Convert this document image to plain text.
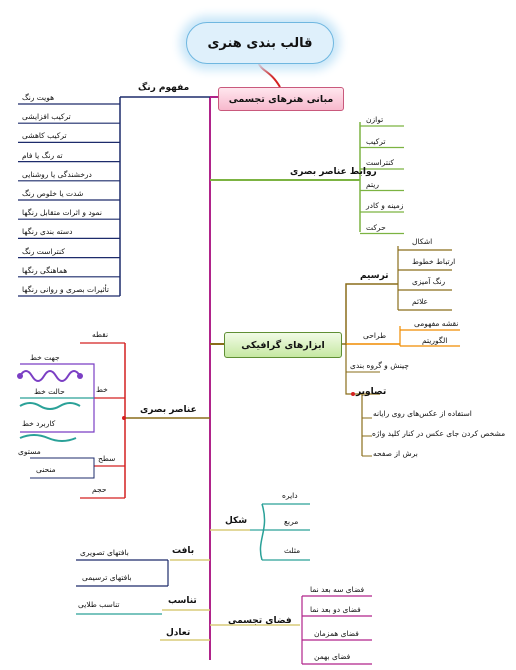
قالب بندی هنری
مبانی هنرهای تجسمی
ابزارهای گرافیکی
مفهوم رنگ
هویت رنگ
ترکیب افزایشی
ترکیب کاهشی
ته رنگ یا فام
درخشندگی یا روشنایی
شدت یا خلوص رنگ
نمود و اثرات متقابل رنگها
دسته بندی رنگها
کنتراست رنگ
هماهنگی رنگها
تأثیرات بصری و روانی رنگها
روابط عناصر بصری
توازن
ترکیب
کنتراست
ریتم
زمینه و کادر
حرکت
ترسیم
اشکال
ارتباط خطوط
رنگ آمیزی
علائم
طراحی
نقشه مفهومی
الگوریتم
چینش و گروه بندی
تصاویر
استفاده از عکس‌های روی رایانه
مشخص کردن جای عکس در کنار کلید واژه
برش از صفحه
عناصر بصری
نقطه
خط
جهت خط
حالت خط
کاربرد خط
سطح
مستوی
منحنی
حجم
شکل
دایره
مربع
مثلث
بافت
بافتهای تصویری
بافتهای ترسیمی
تناسب
تناسب طلایی
تعادل
فضای تجسمی
فضای سه بعد نما
فضای دو بعد نما
فضای همزمان
فضای بهمن
